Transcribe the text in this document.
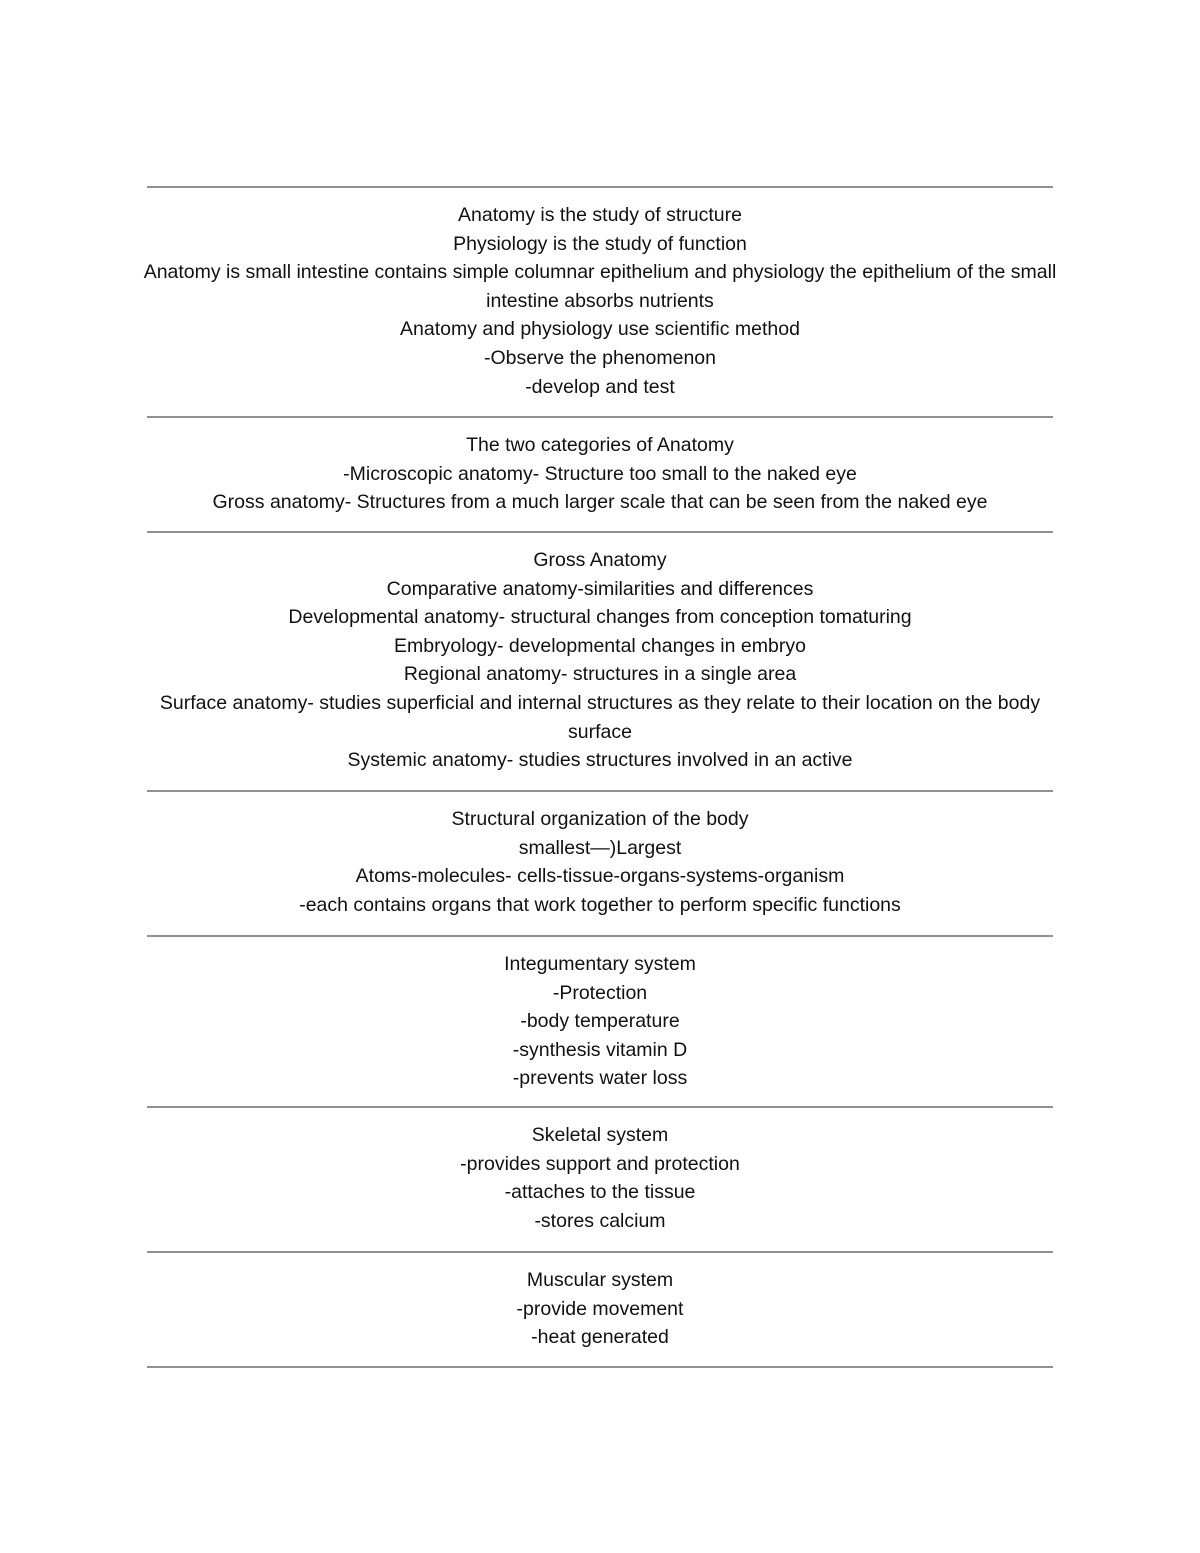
Anatomy is the study of structure
Physiology is the study of function
Anatomy is small intestine contains simple columnar epithelium and physiology the epithelium of the small intestine absorbs nutrients
Anatomy and physiology use scientific method
-Observe the phenomenon
-develop and test
The two categories of Anatomy
-Microscopic anatomy- Structure too small to the naked eye
Gross anatomy- Structures from a much larger scale that can be seen from the naked eye
Gross Anatomy
Comparative anatomy-similarities and differences
Developmental anatomy- structural changes from conception tomaturing
Embryology- developmental changes in embryo
Regional anatomy- structures in a single area
Surface anatomy- studies superficial and internal structures as they relate to their location on the body surface
Systemic anatomy- studies structures involved in an active
Structural organization of the body
smallest—)Largest
Atoms-molecules- cells-tissue-organs-systems-organism
-each contains organs that work together to perform specific functions
Integumentary system
-Protection
-body temperature
-synthesis vitamin D
-prevents water loss
Skeletal system
-provides support and protection
-attaches to the tissue
-stores calcium
Muscular system
-provide movement
-heat generated
